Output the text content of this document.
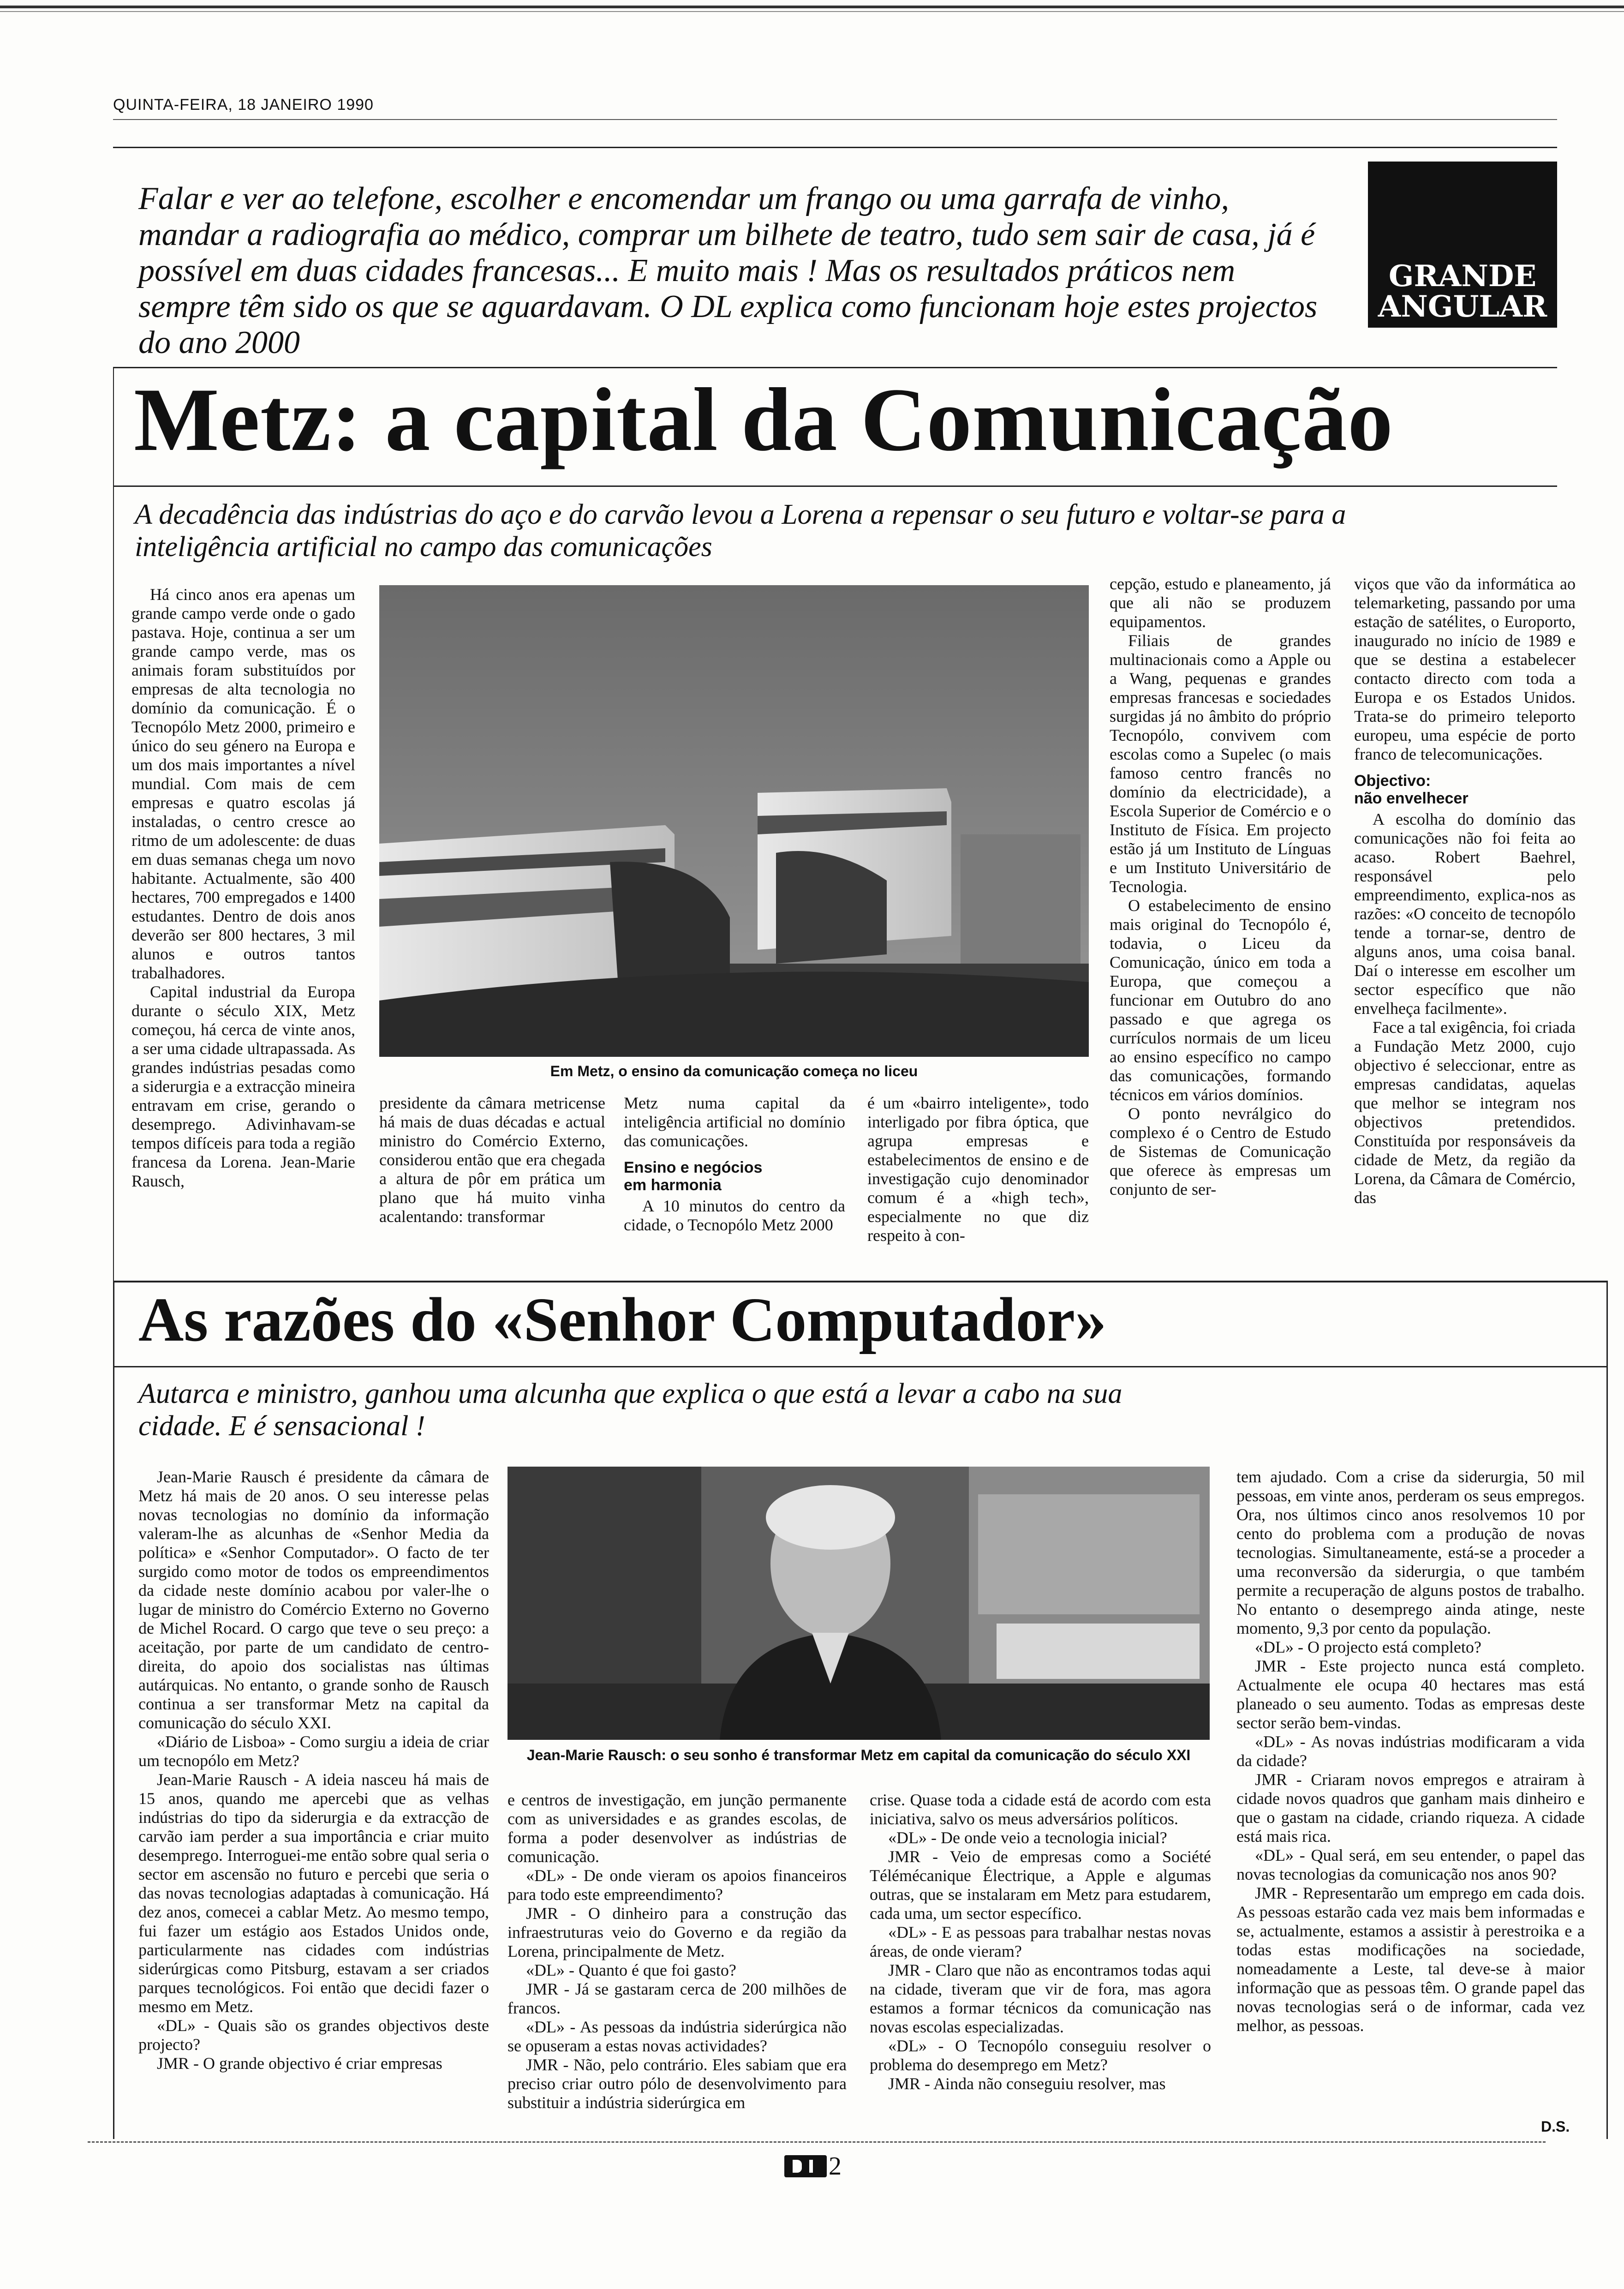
QUINTA-FEIRA, 18 JANEIRO 1990
Falar e ver ao telefone, escolher e encomendar um frango ou uma garrafa de vinho, mandar a radiografia ao médico, comprar um bilhete de teatro, tudo sem sair de casa, já é possível em duas cidades francesas... E muito mais ! Mas os resultados práticos nem sempre têm sido os que se aguardavam. O DL explica como funcionam hoje estes projectos do ano 2000
GRANDE
ANGULAR
Metz: a capital da Comunicação
A decadência das indústrias do aço e do carvão levou a Lorena a repensar o seu futuro e voltar-se para a inteligência artificial no campo das comunicações

Há cinco anos era apenas um grande campo verde onde o gado pastava. Hoje, continua a ser um grande campo verde, mas os animais foram substituídos por empresas de alta tecnologia no domínio da comunicação. É o Tecnopólo Metz 2000, primeiro e único do seu género na Europa e um dos mais importantes a nível mundial. Com mais de cem empresas e quatro escolas já instaladas, o centro cresce ao ritmo de um adolescente: de duas em duas semanas chega um novo habitante. Actualmente, são 400 hectares, 700 empregados e 1400 estudantes. Dentro de dois anos deverão ser 800 hectares, 3 mil alunos e outros tantos trabalhadores.

Capital industrial da Europa durante o século XIX, Metz começou, há cerca de vinte anos, a ser uma cidade ultrapassada. As grandes indústrias pesadas como a siderurgia e a extracção mineira entravam em crise, gerando o desemprego. Adivinhavam-se tempos difíceis para toda a região francesa da Lorena. Jean-Marie Rausch,

Em Metz, o ensino da comunicação começa no liceu

presidente da câmara metricense há mais de duas décadas e actual ministro do Comércio Externo, considerou então que era chegada a altura de pôr em prática um plano que há muito vinha acalentando: transformar

Metz numa capital da inteligência artificial no domínio das comunicações.

Ensino e negócios
em harmonia

A 10 minutos do centro da cidade, o Tecnopólo Metz 2000

é um «bairro inteligente», todo interligado por fibra óptica, que agrupa empresas e estabelecimentos de ensino e de investigação cujo denominador comum é a «high tech», especialmente no que diz respeito à con-

cepção, estudo e planeamento, já que ali não se produzem equipamentos.

Filiais de grandes multinacionais como a Apple ou a Wang, pequenas e grandes empresas francesas e sociedades surgidas já no âmbito do próprio Tecnopólo, convivem com escolas como a Supelec (o mais famoso centro francês no domínio da electricidade), a Escola Superior de Comércio e o Instituto de Física. Em projecto estão já um Instituto de Línguas e um Instituto Universitário de Tecnologia.

O estabelecimento de ensino mais original do Tecnopólo é, todavia, o Liceu da Comunicação, único em toda a Europa, que começou a funcionar em Outubro do ano passado e que agrega os currículos normais de um liceu ao ensino específico no campo das comunicações, formando técnicos em vários domínios.

O ponto nevrálgico do complexo é o Centro de Estudo de Sistemas de Comunicação que oferece às empresas um conjunto de ser-

viços que vão da informática ao telemarketing, passando por uma estação de satélites, o Europorto, inaugurado no início de 1989 e que se destina a estabelecer contacto directo com toda a Europa e os Estados Unidos. Trata-se do primeiro teleporto europeu, uma espécie de porto franco de telecomunicações.

Objectivo:
não envelhecer

A escolha do domínio das comunicações não foi feita ao acaso. Robert Baehrel, responsável pelo empreendimento, explica-nos as razões: «O conceito de tecnopólo tende a tornar-se, dentro de alguns anos, uma coisa banal. Daí o interesse em escolher um sector específico que não envelheça facilmente».

Face a tal exigência, foi criada a Fundação Metz 2000, cujo objectivo é seleccionar, entre as empresas candidatas, aquelas que melhor se integram nos objectivos pretendidos. Constituída por responsáveis da cidade de Metz, da região da Lorena, da Câmara de Comércio, das

As razões do «Senhor Computador»
Autarca e ministro, ganhou uma alcunha que explica o que está a levar a cabo na sua cidade. E é sensacional !

Jean-Marie Rausch é presidente da câmara de Metz há mais de 20 anos. O seu interesse pelas novas tecnologias no domínio da informação valeram-lhe as alcunhas de «Senhor Media da política» e «Senhor Computador». O facto de ter surgido como motor de todos os empreendimentos da cidade neste domínio acabou por valer-lhe o lugar de ministro do Comércio Externo no Governo de Michel Rocard. O cargo que teve o seu preço: a aceitação, por parte de um candidato de centro-direita, do apoio dos socialistas nas últimas autárquicas. No entanto, o grande sonho de Rausch continua a ser transformar Metz na capital da comunicação do século XXI.

«Diário de Lisboa» - Como surgiu a ideia de criar um tecnopólo em Metz?

Jean-Marie Rausch - A ideia nasceu há mais de 15 anos, quando me apercebi que as velhas indústrias do tipo da siderurgia e da extracção de carvão iam perder a sua importância e criar muito desemprego. Interroguei-me então sobre qual seria o sector em ascensão no futuro e percebi que seria o das novas tecnologias adaptadas à comunicação. Há dez anos, comecei a cablar Metz. Ao mesmo tempo, fui fazer um estágio aos Estados Unidos onde, particularmente nas cidades com indústrias siderúrgicas como Pitsburg, estavam a ser criados parques tecnológicos. Foi então que decidi fazer o mesmo em Metz.

«DL» - Quais são os grandes objectivos deste projecto?

JMR - O grande objectivo é criar empresas

Jean-Marie Rausch: o seu sonho é transformar Metz em capital da comunicação do século XXI

e centros de investigação, em junção permanente com as universidades e as grandes escolas, de forma a poder desenvolver as indústrias de comunicação.

«DL» - De onde vieram os apoios financeiros para todo este empreendimento?

JMR - O dinheiro para a construção das infraestruturas veio do Governo e da região da Lorena, principalmente de Metz.

«DL» - Quanto é que foi gasto?

JMR - Já se gastaram cerca de 200 milhões de francos.

«DL» - As pessoas da indústria siderúrgica não se opuseram a estas novas actividades?

JMR - Não, pelo contrário. Eles sabiam que era preciso criar outro pólo de desenvolvimento para substituir a indústria siderúrgica em

crise. Quase toda a cidade está de acordo com esta iniciativa, salvo os meus adversários políticos.

«DL» - De onde veio a tecnologia inicial?

JMR - Veio de empresas como a Société Télémécanique Électrique, a Apple e algumas outras, que se instalaram em Metz para estudarem, cada uma, um sector específico.

«DL» - E as pessoas para trabalhar nestas novas áreas, de onde vieram?

JMR - Claro que não as encontramos todas aqui na cidade, tiveram que vir de fora, mas agora estamos a formar técnicos da comunicação nas novas escolas especializadas.

«DL» - O Tecnopólo conseguiu resolver o problema do desemprego em Metz?

JMR - Ainda não conseguiu resolver, mas

tem ajudado. Com a crise da siderurgia, 50 mil pessoas, em vinte anos, perderam os seus empregos. Ora, nos últimos cinco anos resolvemos 10 por cento do problema com a produção de novas tecnologias. Simultaneamente, está-se a proceder a uma reconversão da siderurgia, o que também permite a recuperação de alguns postos de trabalho. No entanto o desemprego ainda atinge, neste momento, 9,3 por cento da população.

«DL» - O projecto está completo?

JMR - Este projecto nunca está completo. Actualmente ele ocupa 40 hectares mas está planeado o seu aumento. Todas as empresas deste sector serão bem-vindas.

«DL» - As novas indústrias modificaram a vida da cidade?

JMR - Criaram novos empregos e atrairam à cidade novos quadros que ganham mais dinheiro e que o gastam na cidade, criando riqueza. A cidade está mais rica.

«DL» - Qual será, em seu entender, o papel das novas tecnologias da comunicação nos anos 90?

JMR - Representarão um emprego em cada dois. As pessoas estarão cada vez mais bem informadas e se, actualmente, estamos a assistir à perestroika e a todas estas modificações na sociedade, nomeadamente a Leste, tal deve-se à maior informação que as pessoas têm. O grande papel das novas tecnologias será o de informar, cada vez melhor, as pessoas.

D.S.
2
